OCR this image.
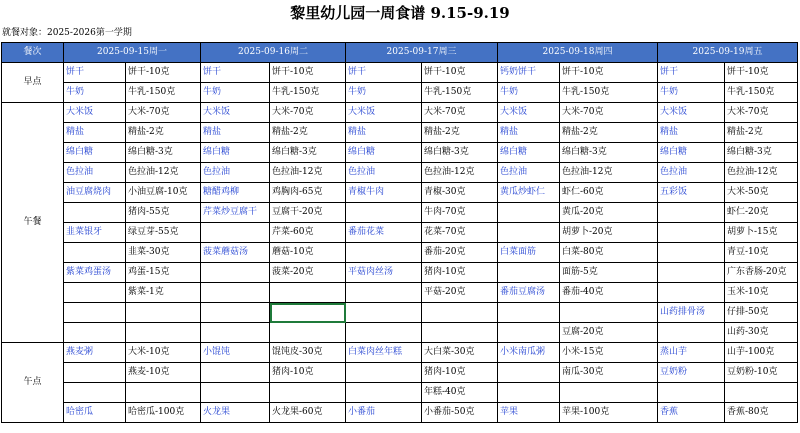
黎里幼儿园一周食谱 9.15-9.19
就餐对象：2025-2026第一学期
餐次	2025-09-15周一		2025-09-16周二		2025-09-17周三		2025-09-18周四		2025-09-19周五	
早点	饼干	饼干-10克	饼干	饼干-10克	饼干	饼干-10克	钙奶饼干	饼干-10克	饼干	饼干-10克
	牛奶	牛乳-150克	牛奶	牛乳-150克	牛奶	牛乳-150克	牛奶	牛乳-150克	牛奶	牛乳-150克
午餐	大米饭	大米-70克	大米饭	大米-70克	大米饭	大米-70克	大米饭	大米-70克	大米饭	大米-70克
	精盐	精盐-2克	精盐	精盐-2克	精盐	精盐-2克	精盐	精盐-2克	精盐	精盐-2克
	绵白糖	绵白糖-3克	绵白糖	绵白糖-3克	绵白糖	绵白糖-3克	绵白糖	绵白糖-3克	绵白糖	绵白糖-3克
	色拉油	色拉油-12克	色拉油	色拉油-12克	色拉油	色拉油-12克	色拉油	色拉油-12克	色拉油	色拉油-12克
	油豆腐烧肉	小油豆腐-10克	糖醋鸡柳	鸡胸肉-65克	青椒牛肉	青椒-30克	黄瓜炒虾仁	虾仁-60克	五彩饭	大米-50克
		猪肉-55克	芹菜炒豆腐干	豆腐干-20克		牛肉-70克		黄瓜-20克		虾仁-20克
	韭菜银牙	绿豆芽-55克		芹菜-60克	番茄花菜	花菜-70克		胡萝卜-20克		胡萝卜-15克
		韭菜-30克	菠菜蘑菇汤	蘑菇-10克		番茄-20克	白菜面筋	白菜-80克		青豆-10克
	紫菜鸡蛋汤	鸡蛋-15克		菠菜-20克	平菇肉丝汤	猪肉-10克		面筋-5克		广东香肠-20克
		紫菜-1克				平菇-20克	番茄豆腐汤	番茄-40克		玉米-10克
									山药排骨汤	仔排-50克
								豆腐-20克		山药-30克
午点	燕麦粥	大米-10克	小馄饨	馄饨皮-30克	白菜肉丝年糕	大白菜-30克	小米南瓜粥	小米-15克	蒸山芋	山芋-100克
		燕麦-10克		猪肉-10克		猪肉-10克		南瓜-30克	豆奶粉	豆奶粉-10克
						年糕-40克				
	哈密瓜	哈密瓜-100克	火龙果	火龙果-60克	小番茄	小番茄-50克	苹果	苹果-100克	香蕉	香蕉-80克
